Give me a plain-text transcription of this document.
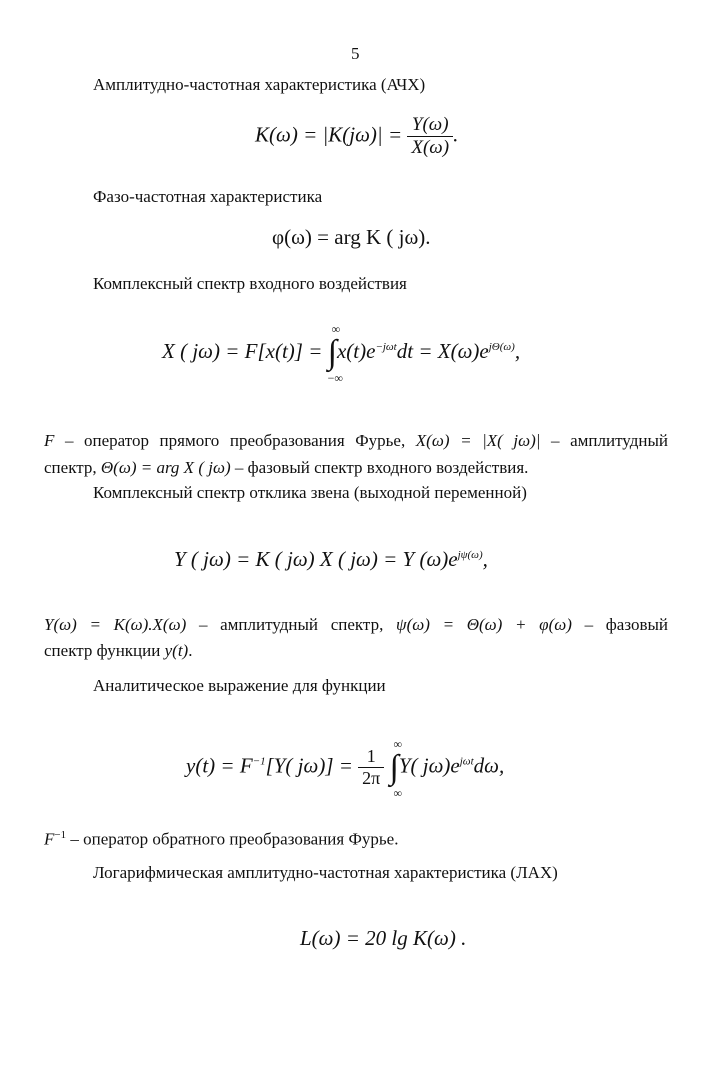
5
Амплитудно-частотная характеристика (АЧХ)
$K(\omega) = |K(j\omega)| = \frac{Y(\omega)}{X(\omega)}$ .
Фазо-частотная характеристика
φ(ω) = arg K ( jω).
Комплексный спектр входного воздействия
X ( jω) = F[x(t)] =
∞
∫
−∞
$x(t)e^{-j\omega t}dt = X(\omega)e^{j\Theta(\omega)}$,
F – оператор прямого преобразования Фурье, X(ω) = |X( jω)| – амплитудный
спектр, Θ(ω) = arg X ( jω) – фазовый спектр входного воздействия.
Комплексный спектр отклика звена (выходной переменной)
Y ( jω) = K ( jω) X ( jω) = Y $(\omega)e^{j\psi(\omega)}$,
Y(ω) = K(ω).X(ω) – амплитудный спектр, ψ(ω) = Θ(ω) + φ(ω) – фазовый
спектр функции y(t).
Аналитическое выражение для функции
$y(t) = F^{-1}[Y$( $j\omega)] = \frac{1}{2\pi}$

∞
∫
∞
Y( $j\omega)e^{j\omega t}d\omega$,
$F^{-1}$ – оператор обратного преобразования Фурье.
Логарифмическая амплитудно-частотная характеристика (ЛАХ)
L(ω) = 20 lg K(ω) .
